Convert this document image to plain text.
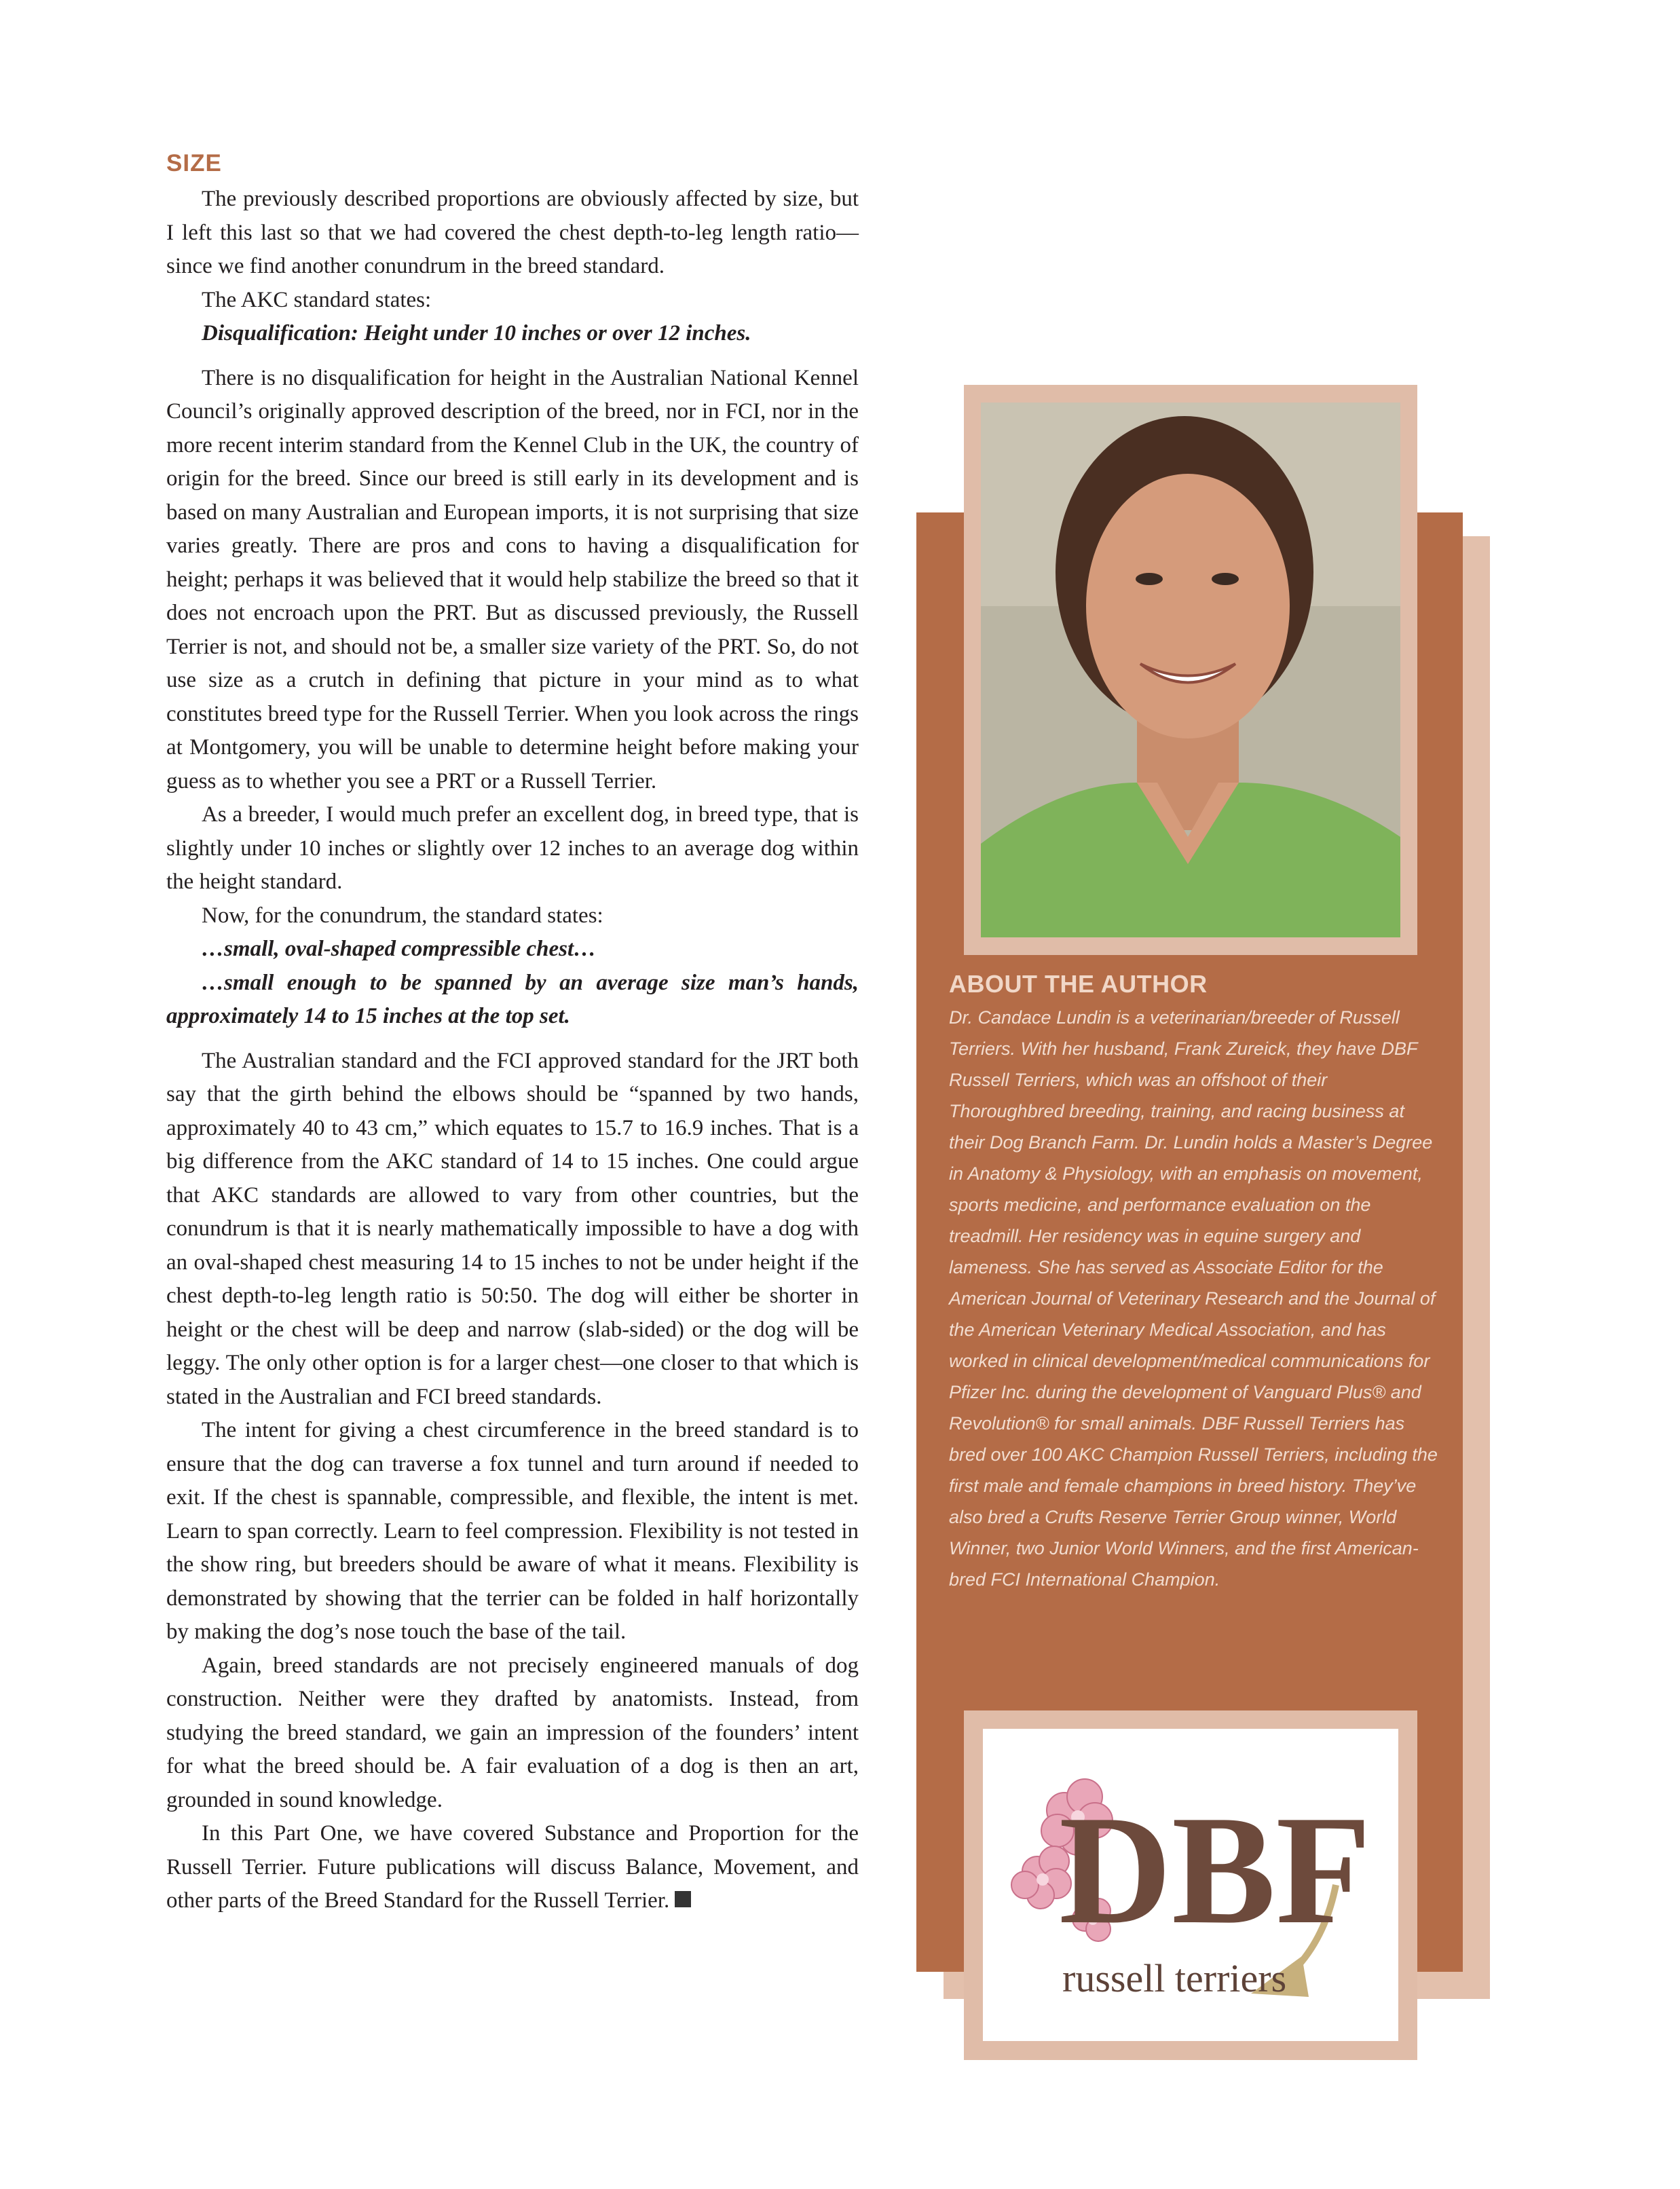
SIZE

The previously described proportions are obviously affected by size, but I left this last so that we had covered the chest depth-to-leg length ratio—since we find another conundrum in the breed standard.

The AKC standard states:

Disqualification: Height under 10 inches or over 12 inches.

There is no disqualification for height in the Australian National Kennel Council’s originally approved description of the breed, nor in FCI, nor in the more recent interim standard from the Kennel Club in the UK, the country of origin for the breed. Since our breed is still early in its development and is based on many Australian and European imports, it is not surprising that size varies greatly. There are pros and cons to having a disqualification for height; perhaps it was believed that it would help stabilize the breed so that it does not encroach upon the PRT. But as discussed previously, the Russell Terrier is not, and should not be, a smaller size variety of the PRT. So, do not use size as a crutch in defining that picture in your mind as to what constitutes breed type for the Russell Terrier. When you look across the rings at Montgomery, you will be unable to determine height before making your guess as to whether you see a PRT or a Russell Terrier.

As a breeder, I would much prefer an excellent dog, in breed type, that is slightly under 10 inches or slightly over 12 inches to an average dog within the height standard.

Now, for the conundrum, the standard states:

…small, oval-shaped compressible chest…

…small enough to be spanned by an average size man’s hands, approximately 14 to 15 inches at the top set.

The Australian standard and the FCI approved standard for the JRT both say that the girth behind the elbows should be “spanned by two hands, approximately 40 to 43 cm,” which equates to 15.7 to 16.9 inches. That is a big difference from the AKC standard of 14 to 15 inches. One could argue that AKC standards are allowed to vary from other countries, but the conundrum is that it is nearly mathematically impossible to have a dog with an oval-shaped chest measuring 14 to 15 inches to not be under height if the chest depth-to-leg length ratio is 50:50. The dog will either be shorter in height or the chest will be deep and narrow (slab-sided) or the dog will be leggy. The only other option is for a larger chest—one closer to that which is stated in the Australian and FCI breed standards.

The intent for giving a chest circumference in the breed standard is to ensure that the dog can traverse a fox tunnel and turn around if needed to exit. If the chest is spannable, compressible, and flexible, the intent is met. Learn to span correctly. Learn to feel compression. Flexibility is not tested in the show ring, but breeders should be aware of what it means. Flexibility is demonstrated by showing that the terrier can be folded in half horizontally by making the dog’s nose touch the base of the tail.

Again, breed standards are not precisely engineered manuals of dog construction. Neither were they drafted by anatomists. Instead, from studying the breed standard, we gain an impression of the founders’ intent for what the breed should be. A fair evaluation of a dog is then an art, grounded in sound knowledge.

In this Part One, we have covered Substance and Proportion for the Russell Terrier. Future publications will discuss Balance, Movement, and other parts of the Breed Standard for the Russell Terrier.

ABOUT THE AUTHOR

Dr. Candace Lundin is a veterinarian/breeder of Russell Terriers. With her husband, Frank Zureick, they have DBF Russell Terriers, which was an offshoot of their Thoroughbred breeding, training, and racing business at their Dog Branch Farm. Dr. Lundin holds a Master’s Degree in Anatomy & Physiology, with an emphasis on movement, sports medicine, and performance evaluation on the treadmill. Her residency was in equine surgery and lameness. She has served as Associate Editor for the American Journal of Veterinary Research and the Journal of the American Veterinary Medical Association, and has worked in clinical development/medical communications for Pfizer Inc. during the development of Vanguard Plus® and Revolution® for small animals. DBF Russell Terriers has bred over 100 AKC Champion Russell Terriers, including the first male and female champions in breed history. They’ve also bred a Crufts Reserve Terrier Group winner, World Winner, two Junior World Winners, and the first American-bred FCI International Champion.

DBF
russell terriers
